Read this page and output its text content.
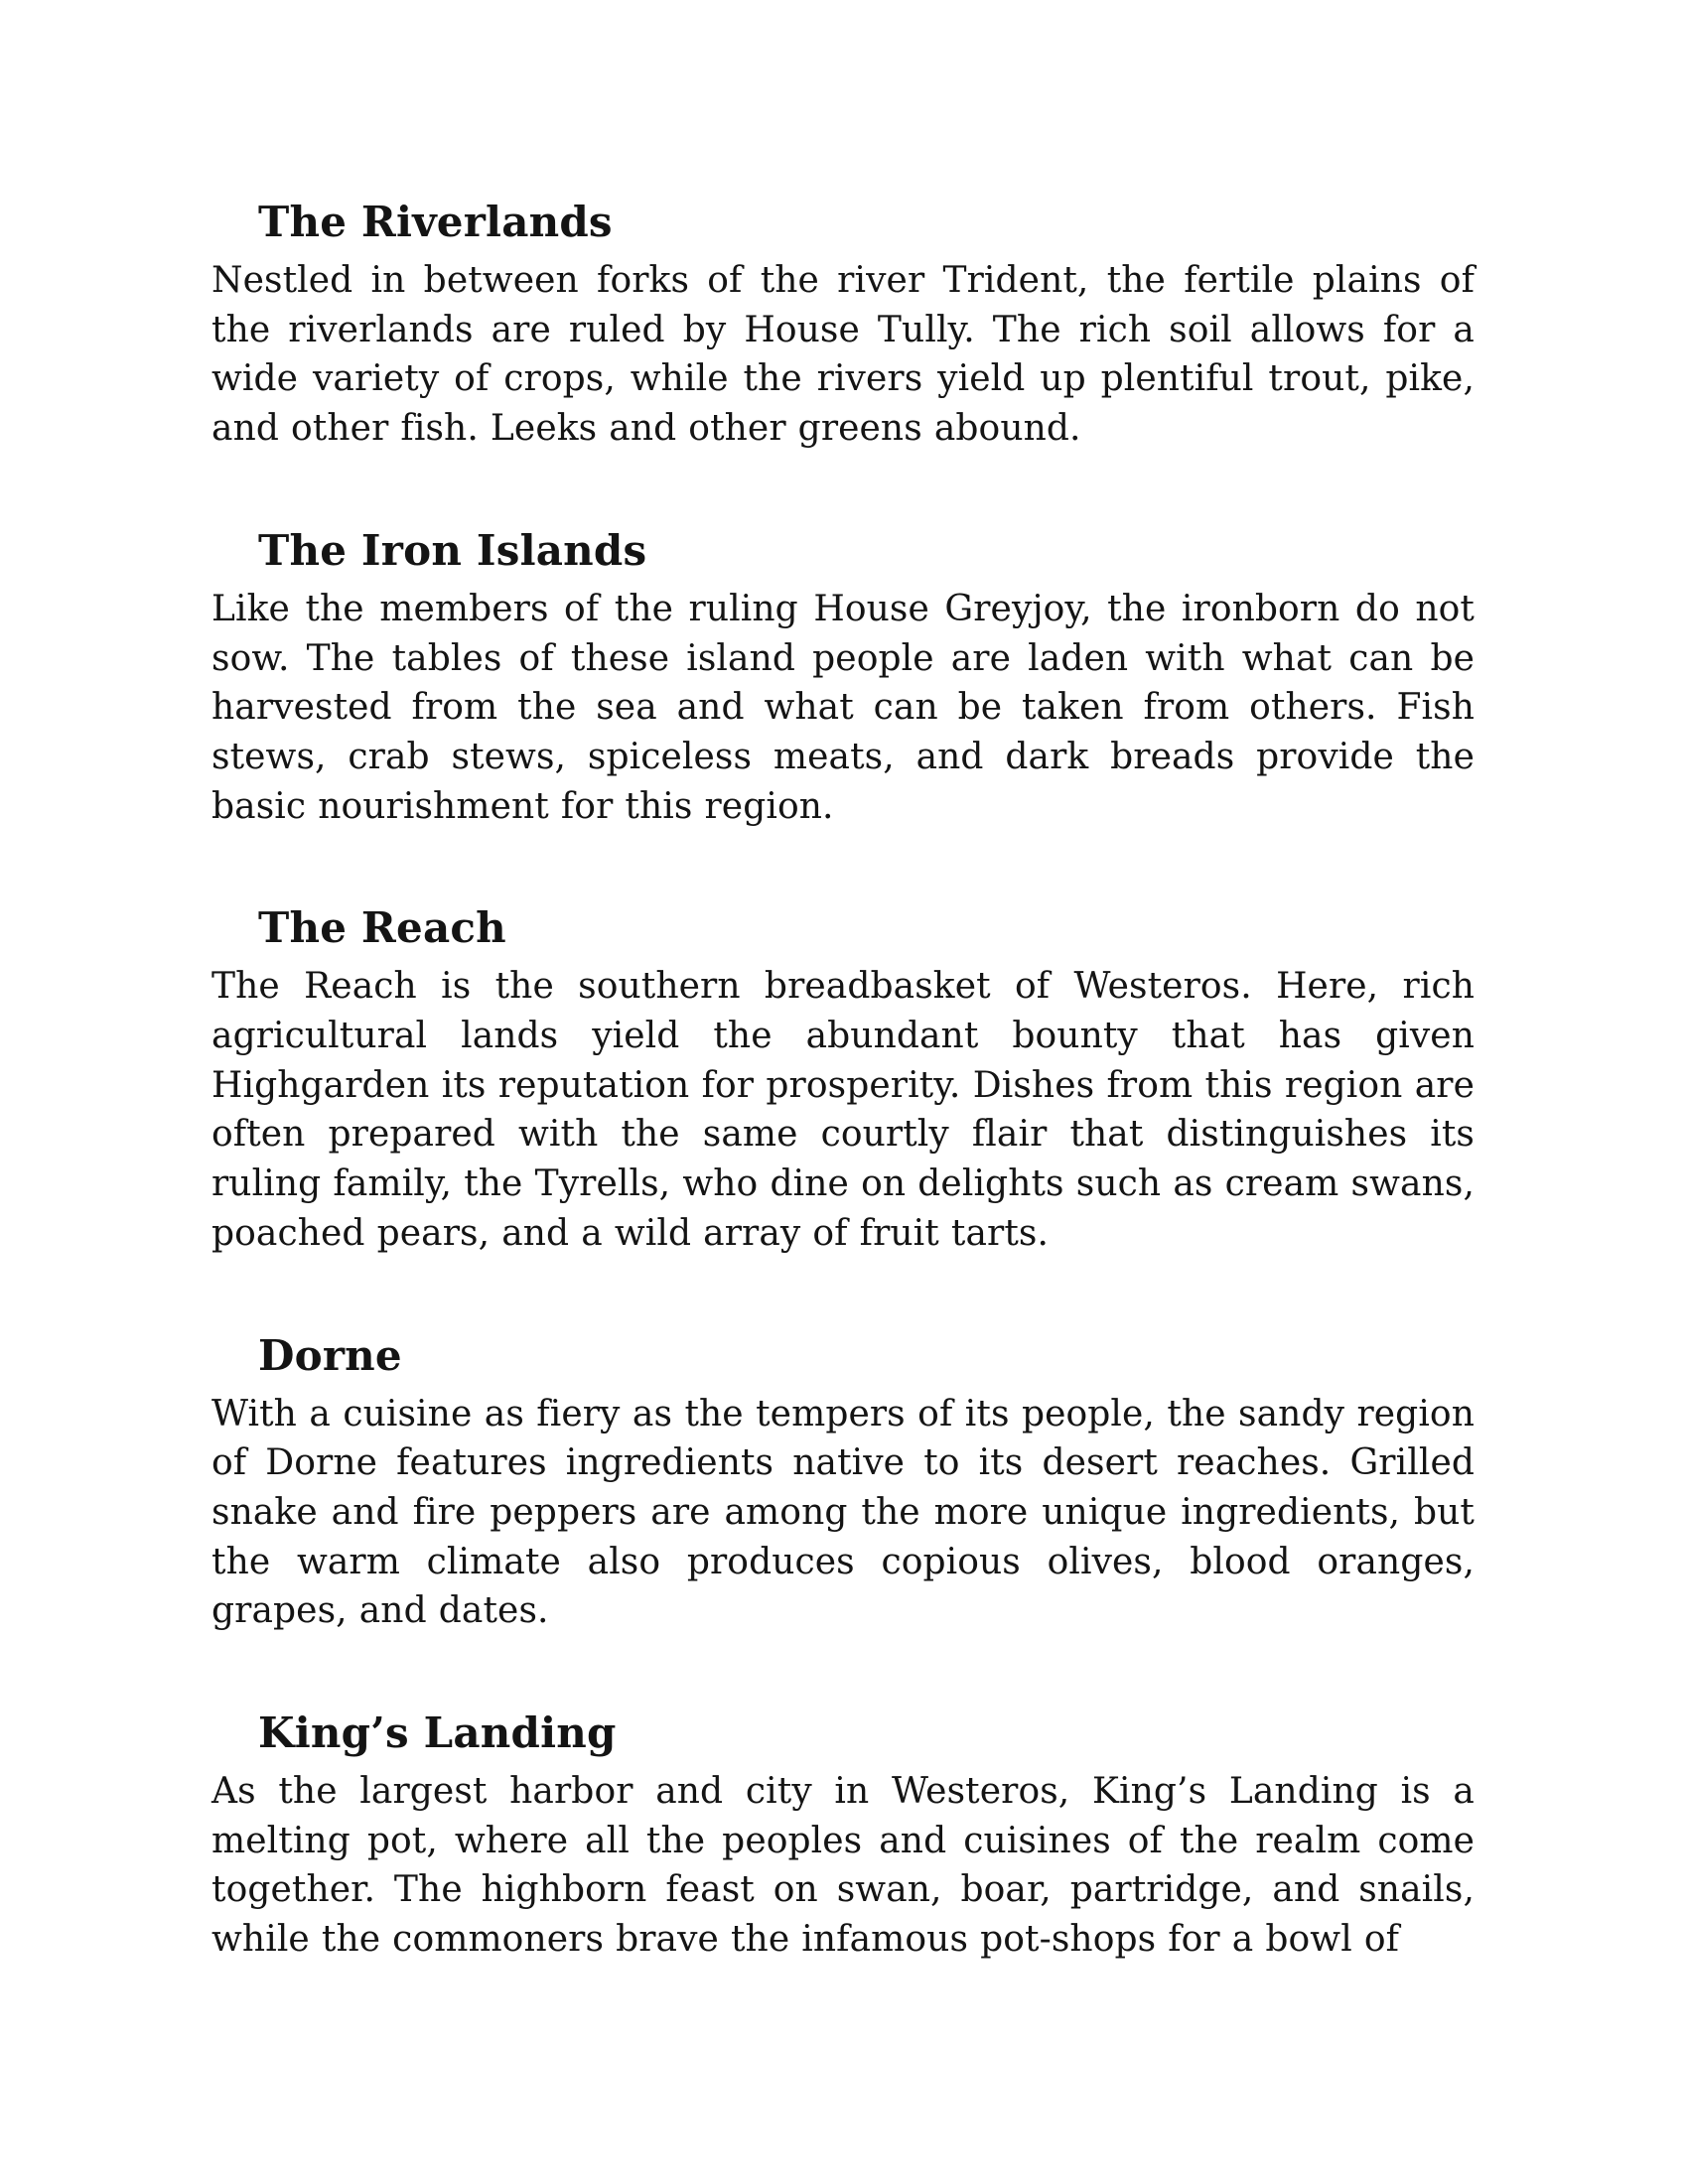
The Riverlands

Nestled in between forks of the river Trident, the fertile plains of the riverlands are ruled by House Tully. The rich soil allows for a wide variety of crops, while the rivers yield up plentiful trout, pike, and other fish. Leeks and other greens abound.

The Iron Islands

Like the members of the ruling House Greyjoy, the ironborn do not sow. The tables of these island people are laden with what can be harvested from the sea and what can be taken from others. Fish stews, crab stews, spiceless meats, and dark breads provide the basic nourishment for this region.

The Reach

The Reach is the southern breadbasket of Westeros. Here, rich agricultural lands yield the abundant bounty that has given Highgarden its reputation for prosperity. Dishes from this region are often prepared with the same courtly flair that distinguishes its ruling family, the Tyrells, who dine on delights such as cream swans, poached pears, and a wild array of fruit tarts.

Dorne

With a cuisine as fiery as the tempers of its people, the sandy region of Dorne features ingredients native to its desert reaches. Grilled snake and fire peppers are among the more unique ingredients, but the warm climate also produces copious olives, blood oranges, grapes, and dates.

King’s Landing

As the largest harbor and city in Westeros, King’s Landing is a melting pot, where all the peoples and cuisines of the realm come together. The highborn feast on swan, boar, partridge, and snails, while the commoners brave the infamous pot-shops for a bowl of
